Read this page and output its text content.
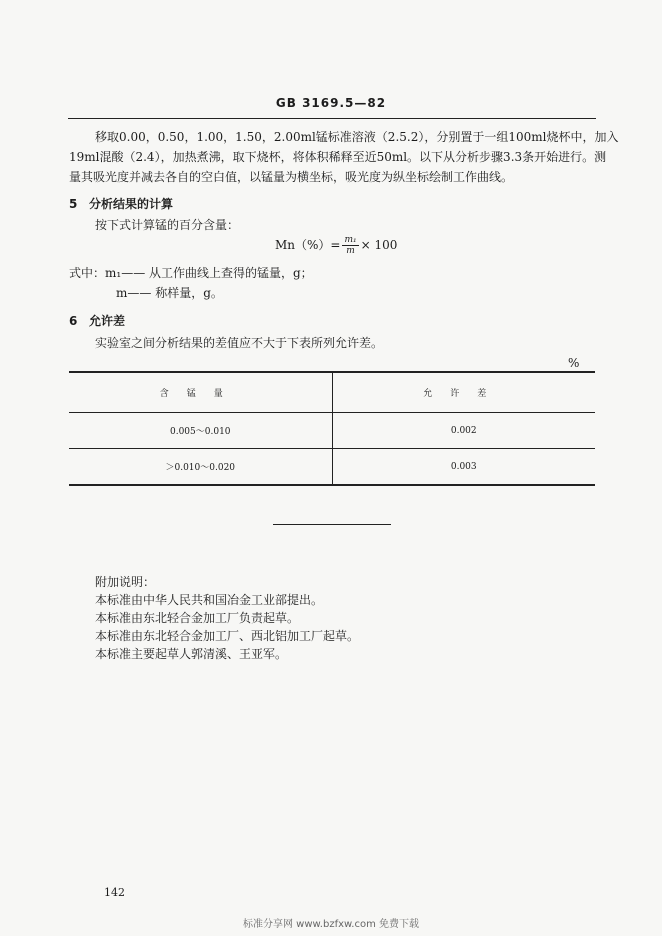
GB 3169.5—82
移取0.00，0.50，1.00，1.50，2.00ml锰标准溶液（2.5.2），分别置于一组100ml烧杯中，加入
19ml混酸（2.4），加热煮沸，取下烧杯，将体积稀释至近50ml。以下从分析步骤3.3条开始进行。测
量其吸光度并减去各自的空白值，以锰量为横坐标，吸光度为纵坐标绘制工作曲线。
5 分析结果的计算
按下式计算锰的百分含量：
$Mn(\%)= \frac{\text{m₁}}{m} \times 100$
式中：m₁—— 从工作曲线上查得的锰量，g；
m—— 称样量，g。
6 允许差
实验室之间分析结果的差值应不大于下表所列允许差。
%
含锰量	允许差
0.005～0.010	0.002
＞0.010～0.020	0.003
附加说明：
本标准由中华人民共和国冶金工业部提出。
本标准由东北轻合金加工厂负责起草。
本标准由东北轻合金加工厂、西北铝加工厂起草。
本标准主要起草人郭清溪、王亚军。
142
标准分享网 www.bzfxw.com 免费下载
